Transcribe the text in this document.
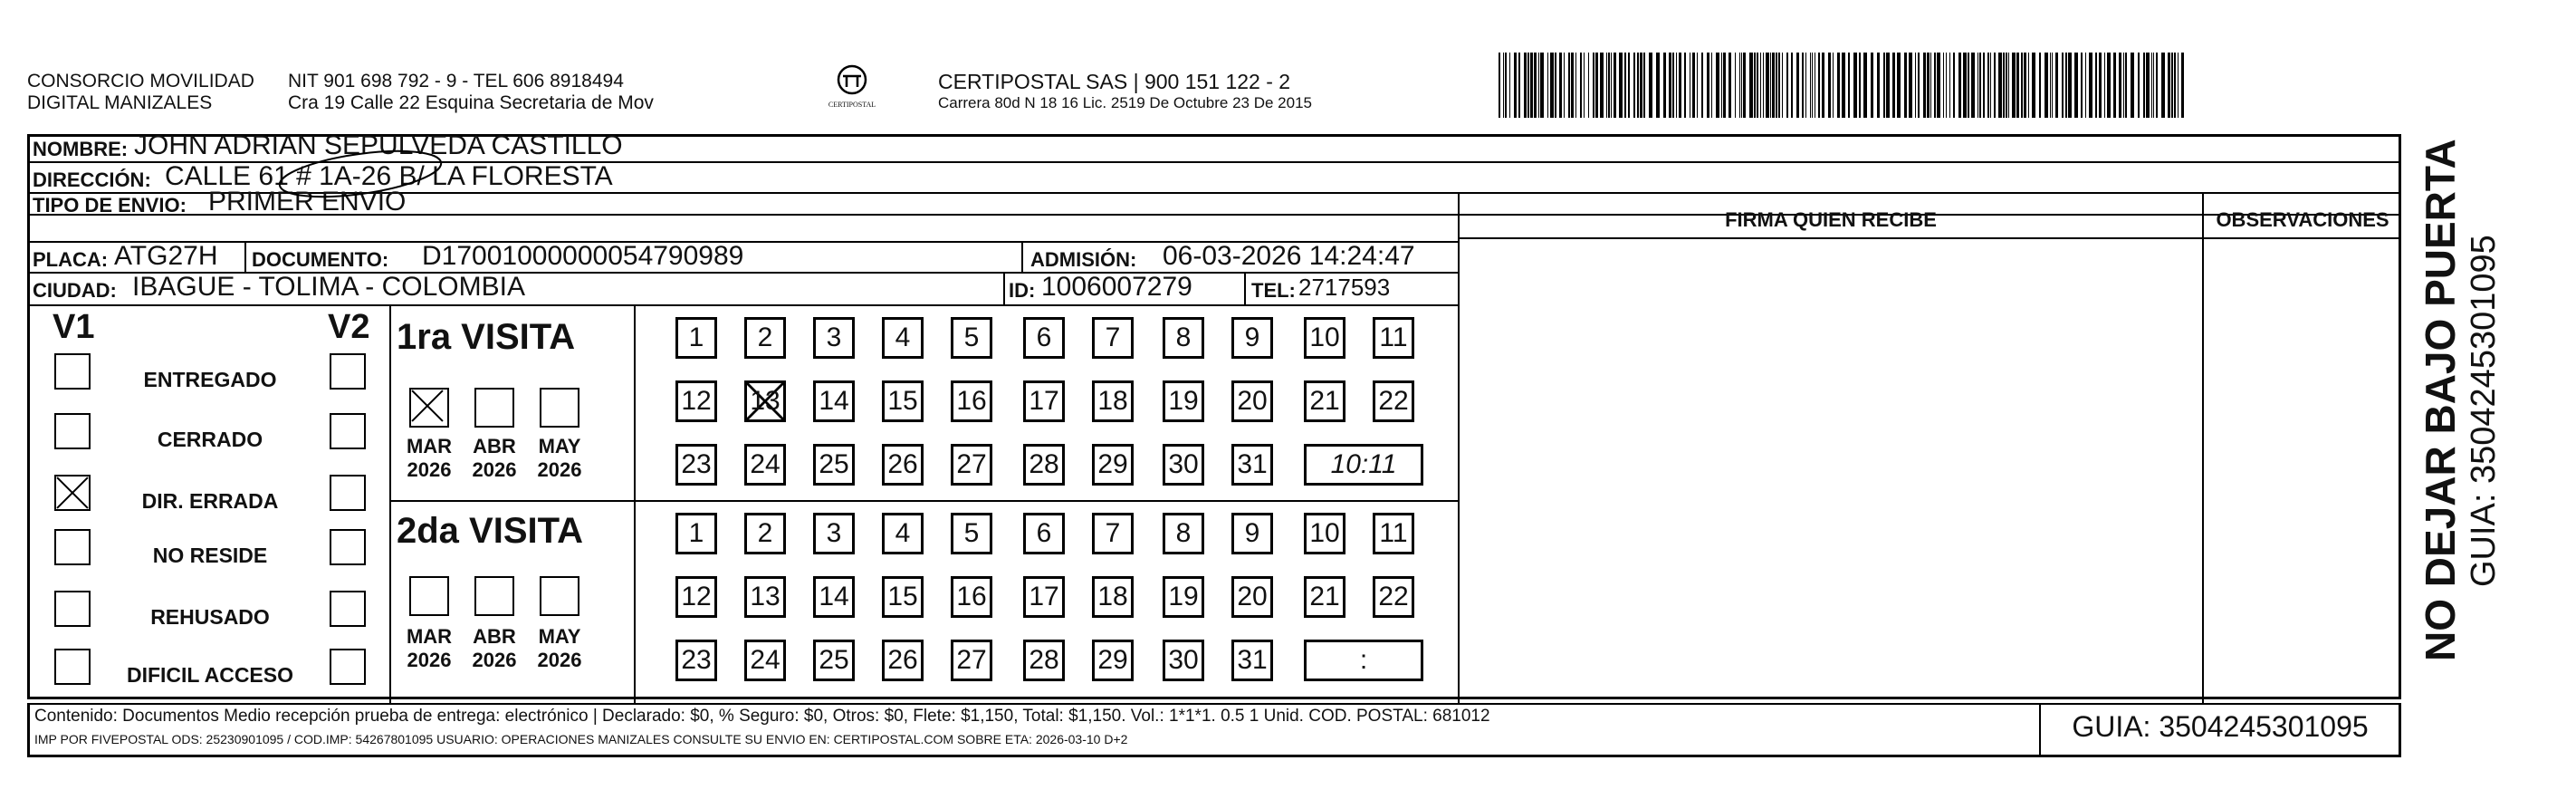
CONSORCIO MOVILIDAD
DIGITAL MANIZALES
NIT 901 698 792 - 9 - TEL 606 8918494
Cra 19 Calle 22 Esquina Secretaria de Mov	CERTIPOSTAL
CERTIPOSTAL SAS | 900 151 122 - 2
Carrera 80d N 18 16 Lic. 2519 De Octubre 23 De 2015
NOMBRE: JOHN ADRIAN SEPULVEDA CASTILLO
DIRECCIÓN: CALLE 61 # 1A-26 B/ LA FLORESTA
TIPO DE ENVIO: PRIMER ENVIO
PLACA: ATG27H DOCUMENTO: D17001000000054790989	ADMISIÓN: 06-03-2026 14:24:47
CIUDAD: IBAGUE - TOLIMA - COLOMBIA	ID: 1006007279	TEL: 2717593
FIRMA QUIEN RECIBE	OBSERVACIONES
V1	V2
ENTREGADO
CERRADO
DIR. ERRADA
NO RESIDE
REHUSADO
DIFICIL ACCESO
1ra VISITA
2da VISITA
MAR
2026
ABR
2026
MAY
2026
1	2	3	4	5	6	7	8	9	10 11
12 13 14 15 16 17 18 19 20 21 22
23 24 25 26 27 28 29 30 31	10:11
MAR
2026
ABR
2026
MAY
2026
1	2	3	4	5	6	7	8	9	10 11
12 13 14 15 16 17 18 19 20 21 22
23 24 25 26 27 28 29 30 31	:
Contenido: Documentos Medio recepción prueba de entrega: electrónico | Declarado: $0, % Seguro: $0, Otros: $0, Flete: $1,150, Total: $1,150. Vol.: 1*1*1. 0.5 1 Unid. COD. POSTAL: 681012
IMP POR FIVEPOSTAL ODS: 25230901095 / COD.IMP: 54267801095 USUARIO: OPERACIONES MANIZALES CONSULTE SU ENVIO EN: CERTIPOSTAL.COM SOBRE ETA: 2026-03-10 D+2	GUIA: 3504245301095
NO DEJAR BAJO PUERTA GUIA: 3504245301095
